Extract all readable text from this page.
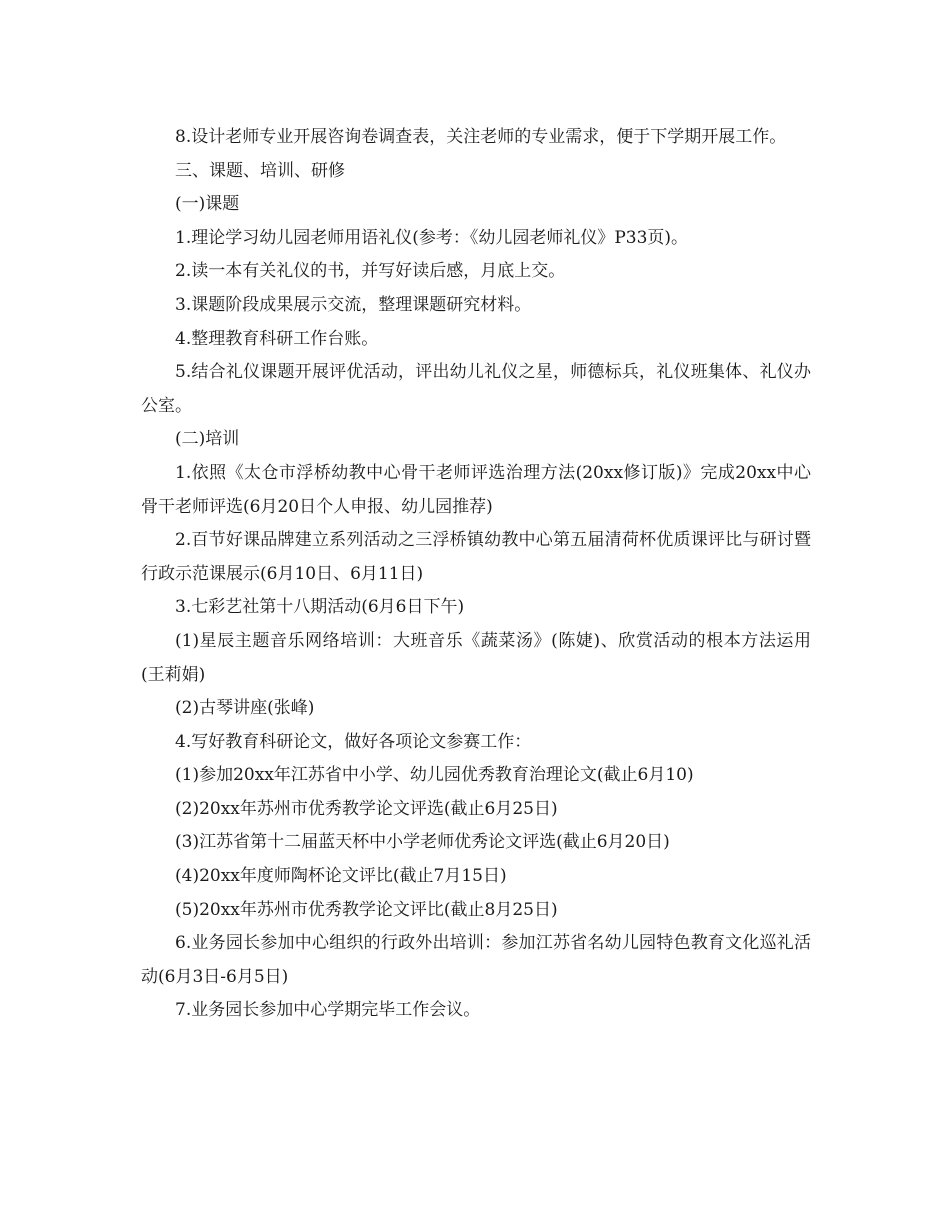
8.设计老师专业开展咨询卷调查表，关注老师的专业需求，便于下学期开展工作。

三、课题、培训、研修

(一)课题

1.理论学习幼儿园老师用语礼仪(参考：《幼儿园老师礼仪》P33页)。

2.读一本有关礼仪的书，并写好读后感，月底上交。

3.课题阶段成果展示交流，整理课题研究材料。

4.整理教育科研工作台账。

5.结合礼仪课题开展评优活动，评出幼儿礼仪之星，师德标兵，礼仪班集体、礼仪办公室。

(二)培训

1.依照《太仓市浮桥幼教中心骨干老师评选治理方法(20xx修订版)》完成20xx中心骨干老师评选(6月20日个人申报、幼儿园推荐)

2.百节好课品牌建立系列活动之三浮桥镇幼教中心第五届清荷杯优质课评比与研讨暨行政示范课展示(6月10日、6月11日)

3.七彩艺社第十八期活动(6月6日下午)

(1)星辰主题音乐网络培训：大班音乐《蔬菜汤》(陈婕)、欣赏活动的根本方法运用(王莉娟)

(2)古琴讲座(张峰)

4.写好教育科研论文，做好各项论文参赛工作：

(1)参加20xx年江苏省中小学、幼儿园优秀教育治理论文(截止6月10)

(2)20xx年苏州市优秀教学论文评选(截止6月25日)

(3)江苏省第十二届蓝天杯中小学老师优秀论文评选(截止6月20日)

(4)20xx年度师陶杯论文评比(截止7月15日)

(5)20xx年苏州市优秀教学论文评比(截止8月25日)

6.业务园长参加中心组织的行政外出培训：参加江苏省名幼儿园特色教育文化巡礼活动(6月3日-6月5日)

7.业务园长参加中心学期完毕工作会议。
